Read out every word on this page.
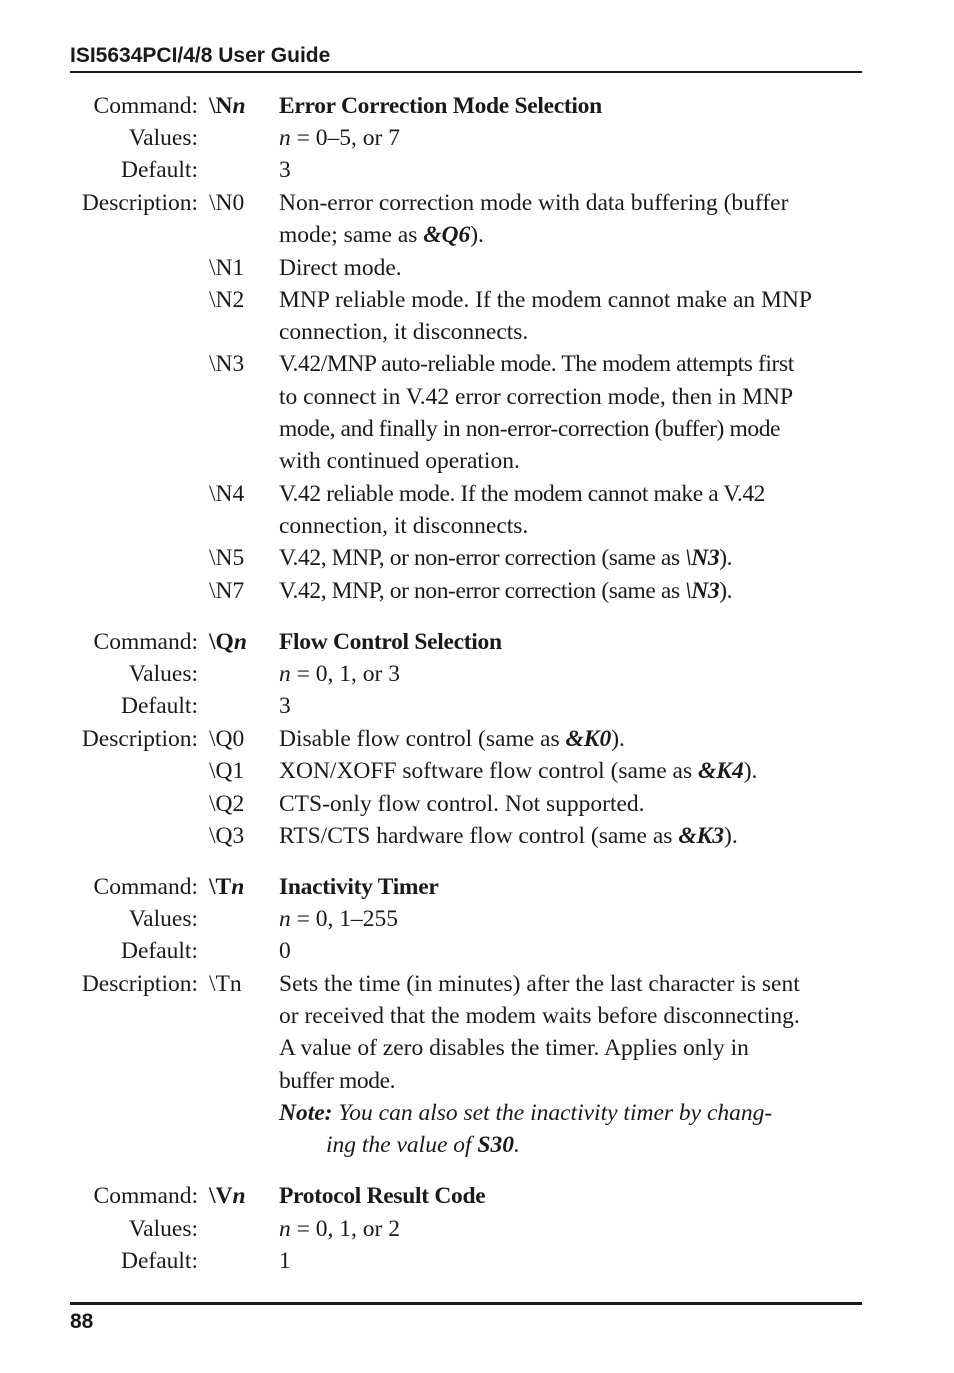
ISI5634PCI/4/8 User Guide
Command: \Nn Error Correction Mode Selection
Values:	n = 0–5, or 7
Default:	3
Description: \N0 Non-error correction mode with data buffering (buffer
mode; same as &Q6).
\N1 Direct mode.
\N2 MNP reliable mode. If the modem cannot make an MNP
connection, it disconnects.
\N3 V.42/MNP auto-reliable mode. The modem attempts first
to connect in V.42 error correction mode, then in MNP
mode, and finally in non-error-correction (buffer) mode
with continued operation.
\N4 V.42 reliable mode. If the modem cannot make a V.42
connection, it disconnects.
\N5 V.42, MNP, or non-error correction (same as \N3).
\N7 V.42, MNP, or non-error correction (same as \N3).
Command: \Qn Flow Control Selection
Values:	n = 0, 1, or 3
Default:	3
Description: \Q0 Disable flow control (same as &K0).
\Q1 XON/XOFF software flow control (same as &K4).
\Q2 CTS-only flow control. Not supported.
\Q3 RTS/CTS hardware flow control (same as &K3).
Command: \Tn Inactivity Timer
Values:	n = 0, 1–255
Default:	0
Description: \Tn Sets the time (in minutes) after the last character is sent
or received that the modem waits before disconnecting.
A value of zero disables the timer. Applies only in
buffer mode.
Note: You can also set the inactivity timer by chang-
ing the value of S30.
Command: \Vn Protocol Result Code
Values:	n = 0, 1, or 2
Default:	1
88
